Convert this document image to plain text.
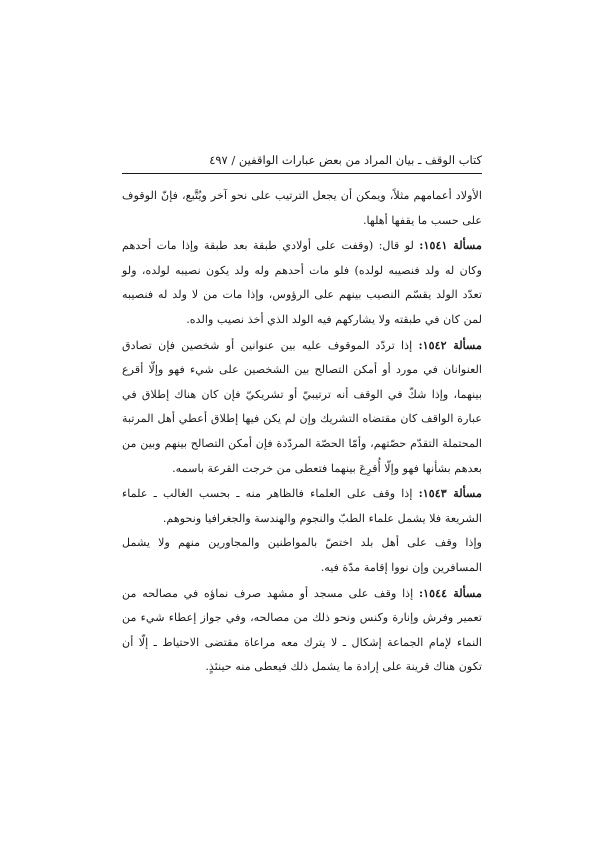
كتاب الوقف ـ بيان المراد من بعض عبارات الواقفين / ٤٩٧

الأولاد أعمامهم مثلاً، ويمكن أن يجعل الترتيب على نحو آخر ويُتَّبع، فإنّ الوقوف على حسب ما يقفها أهلها.

مسألة ١٥٤١: لو قال: (وقفت على أولادي طبقة بعد طبقة وإذا مات أحدهم وكان له ولد فنصيبه لولده) فلو مات أحدهم وله ولد يكون نصيبه لولده، ولو تعدّد الولد يقسّم النصيب بينهم على الرؤوس، وإذا مات من لا ولد له فنصيبه لمن كان في طبقته ولا يشاركهم فيه الولد الذي أخذ نصيب والده.

مسألة ١٥٤٢: إذا تردّد الموقوف عليه بين عنوانين أو شخصين فإن تصادق العنوانان في مورد أو أمكن التصالح بين الشخصين على شيء فهو وإلّا أقرع بينهما، وإذا شكّ في الوقف أنه ترتيبيّ أو تشريكيّ فإن كان هناك إطلاق في عبارة الواقف كان مقتضاه التشريك وإن لم يكن فيها إطلاق أعطي أهل المرتبة المحتملة التقدّم حصّتهم، وأمّا الحصّة المردّدة فإن أمكن التصالح بينهم وبين من بعدهم بشأنها فهو وإلّا أُقرِعَ بينهما فتعطى من خرجت القرعة باسمه.

مسألة ١٥٤٣: إذا وقف على العلماء فالظاهر منه ـ بحسب الغالب ـ علماء الشريعة فلا يشمل علماء الطبّ والنجوم والهندسة والجغرافيا ونحوهم.

وإذا وقف على أهل بلد اختصّ بالمواطنين والمجاورين منهم ولا يشمل المسافرين وإن نووا إقامة مدّة فيه.

مسألة ١٥٤٤: إذا وقف على مسجد أو مشهد صرف نماؤه في مصالحه من تعمير وفرش وإنارة وكنس ونحو ذلك من مصالحه، وفي جواز إعطاء شيء من النماء لإمام الجماعة إشكال ـ لا يترك معه مراعاة مقتضى الاحتياط ـ إلّا أن تكون هناك قرينة على إرادة ما يشمل ذلك فيعطى منه حينئذٍ.
